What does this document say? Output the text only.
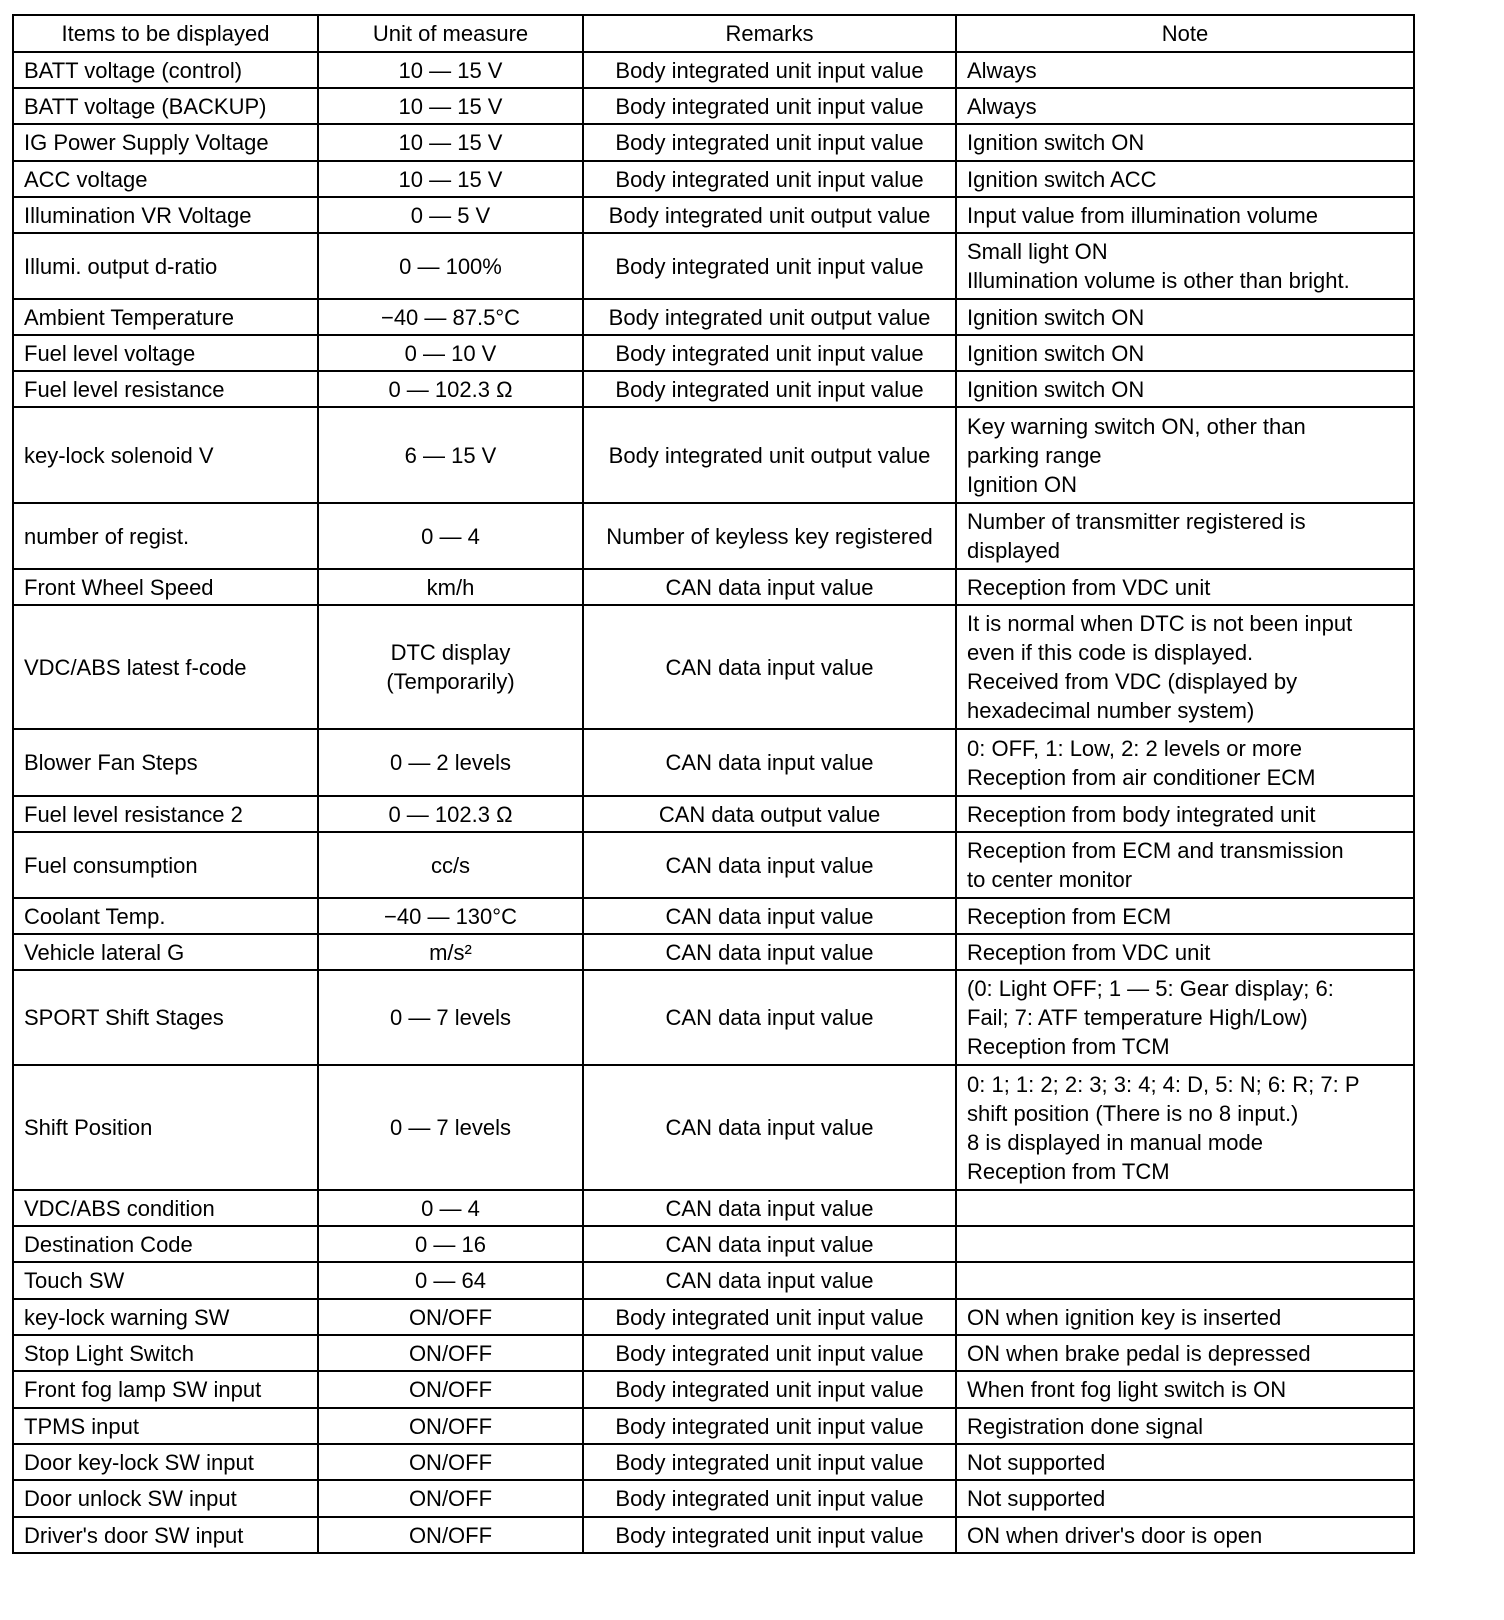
Items to be displayed	Unit of measure	Remarks	Note
BATT voltage (control)	10 — 15 V	Body integrated unit input value	Always

BATT voltage (BACKUP)	10 — 15 V	Body integrated unit input value	Always

IG Power Supply Voltage	10 — 15 V	Body integrated unit input value	Ignition switch ON

ACC voltage	10 — 15 V	Body integrated unit input value	Ignition switch ACC

Illumination VR Voltage	0 — 5 V	Body integrated unit output value	Input value from illumination volume

Illumi. output d-ratio	0 — 100%	Body integrated unit input value	Small light ON
Illumination volume is other than bright.

Ambient Temperature	−40 — 87.5°C	Body integrated unit output value	Ignition switch ON

Fuel level voltage	0 — 10 V	Body integrated unit input value	Ignition switch ON

Fuel level resistance	0 — 102.3 Ω	Body integrated unit input value	Ignition switch ON

key-lock solenoid V	6 — 15 V	Body integrated unit output value	Key warning switch ON, other than
parking range
Ignition ON

number of regist.	0 — 4	Number of keyless key registered	Number of transmitter registered is
displayed

Front Wheel Speed	km/h	CAN data input value	Reception from VDC unit

VDC/ABS latest f-code	DTC display (Temporarily)	CAN data input value	It is normal when DTC is not been input
even if this code is displayed.
Received from VDC (displayed by
hexadecimal number system)

Blower Fan Steps	0 — 2 levels	CAN data input value	0: OFF, 1: Low, 2: 2 levels or more
Reception from air conditioner ECM

Fuel level resistance 2	0 — 102.3 Ω	CAN data output value	Reception from body integrated unit

Fuel consumption	cc/s	CAN data input value	Reception from ECM and transmission
to center monitor

Coolant Temp.	−40 — 130°C	CAN data input value	Reception from ECM

Vehicle lateral G	m/s²	CAN data input value	Reception from VDC unit

SPORT Shift Stages	0 — 7 levels	CAN data input value	(0: Light OFF; 1 — 5: Gear display; 6:
Fail; 7: ATF temperature High/Low)
Reception from TCM

Shift Position	0 — 7 levels	CAN data input value	0: 1; 1: 2; 2: 3; 3: 4; 4: D, 5: N; 6: R; 7: P
shift position (There is no 8 input.)
8 is displayed in manual mode
Reception from TCM

VDC/ABS condition	0 — 4	CAN data input value	
Destination Code	0 — 16	CAN data input value	
Touch SW	0 — 64	CAN data input value	
key-lock warning SW	ON/OFF	Body integrated unit input value	ON when ignition key is inserted

Stop Light Switch	ON/OFF	Body integrated unit input value	ON when brake pedal is depressed

Front fog lamp SW input	ON/OFF	Body integrated unit input value	When front fog light switch is ON

TPMS input	ON/OFF	Body integrated unit input value	Registration done signal

Door key-lock SW input	ON/OFF	Body integrated unit input value	Not supported

Door unlock SW input	ON/OFF	Body integrated unit input value	Not supported

Driver's door SW input	ON/OFF	Body integrated unit input value	ON when driver's door is open
